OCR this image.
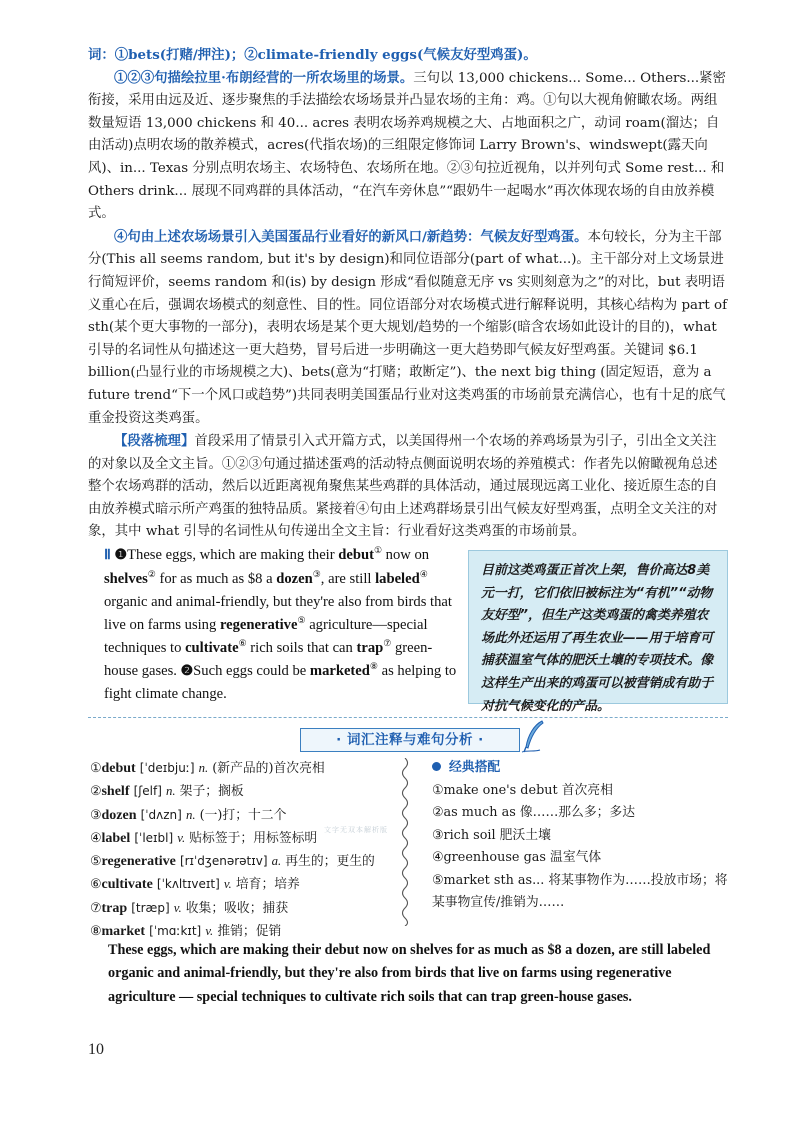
词：①bets(打赌/押注)；②climate-friendly eggs(气候友好型鸡蛋)。

①②③句描绘拉里·布朗经营的一所农场里的场景。三句以 13,000 chickens... Some... Others...紧密衔接，采用由远及近、逐步聚焦的手法描绘农场场景并凸显农场的主角：鸡。①句以大视角俯瞰农场。两组数量短语 13,000 chickens 和 40... acres 表明农场养鸡规模之大、占地面积之广，动词 roam(溜达；自由活动)点明农场的散养模式，acres(代指农场)的三组限定修饰词 Larry Brown's、windswept(露天向风)、in... Texas 分别点明农场主、农场特色、农场所在地。②③句拉近视角，以并列句式 Some rest... 和 Others drink... 展现不同鸡群的具体活动，“在汽车旁休息”“跟奶牛一起喝水”再次体现农场的自由放养模式。

④句由上述农场场景引入美国蛋品行业看好的新风口/新趋势：气候友好型鸡蛋。本句较长，分为主干部分(This all seems random, but it's by design)和同位语部分(part of what...)。主干部分对上文场景进行简短评价，seems random 和(is) by design 形成“看似随意无序 vs 实则刻意为之”的对比，but 表明语义重心在后，强调农场模式的刻意性、目的性。同位语部分对农场模式进行解释说明，其核心结构为 part of sth(某个更大事物的一部分)，表明农场是某个更大规划/趋势的一个缩影(暗含农场如此设计的目的)，what 引导的名词性从句描述这一更大趋势，冒号后进一步明确这一更大趋势即气候友好型鸡蛋。关键词 $6.1 billion(凸显行业的市场规模之大)、bets(意为“打赌；敢断定”)、the next big thing (固定短语，意为 a future trend“下一个风口或趋势”)共同表明美国蛋品行业对这类鸡蛋的市场前景充满信心，也有十足的底气重金投资这类鸡蛋。

【段落梳理】首段采用了情景引入式开篇方式，以美国得州一个农场的养鸡场景为引子，引出全文关注的对象以及全文主旨。①②③句通过描述蛋鸡的活动特点侧面说明农场的养殖模式：作者先以俯瞰视角总述整个农场鸡群的活动，然后以近距离视角聚焦某些鸡群的具体活动，通过展现远离工业化、接近原生态的自由放养模式暗示所产鸡蛋的独特品质。紧接着④句由上述鸡群场景引出气候友好型鸡蛋，点明全文关注的对象，其中 what 引导的名词性从句传递出全文主旨：行业看好这类鸡蛋的市场前景。

Ⅱ ❶These eggs, which are making their debut① now on shelves② for as much as $8 a dozen③, are still labeled④ organic and animal-friendly, but they're also from birds that live on farms using regenerative⑤ agriculture—special techniques to cultivate⑥ rich soils that can trap⑦ green-house gases. ❷Such eggs could be marketed⑧ as helping to fight climate change.
目前这类鸡蛋正首次上架，售价高达8美元一打，它们依旧被标注为“有机”“动物友好型”，但生产这类鸡蛋的禽类养殖农场此外还运用了再生农业——用于培育可捕获温室气体的肥沃土壤的专项技术。像这样生产出来的鸡蛋可以被营销成有助于对抗气候变化的产品。
· 词汇注释与难句分析 ·
①debut [ˈdeɪbjuː] n. (新产品的)首次亮相
②shelf [ʃelf] n. 架子；搁板
③dozen [ˈdʌzn] n. (一)打；十二个
④label [ˈleɪbl] v. 贴标签于；用标签标明
⑤regenerative [rɪˈdʒenərətɪv] a. 再生的；更生的
⑥cultivate [ˈkʌltɪveɪt] v. 培育；培养
⑦trap [træp] v. 收集；吸收；捕获
⑧market [ˈmɑːkɪt] v. 推销；促销
文字无双本解析版
经典搭配
①make one's debut 首次亮相
②as much as 像……那么多；多达
③rich soil 肥沃土壤
④greenhouse gas 温室气体
⑤market sth as... 将某事物作为……投放市场；将某事物宣传/推销为……
These eggs, which are making their debut now on shelves for as much as $8 a dozen, are still labeled organic and animal-friendly, but they're also from birds that live on farms using regenerative agriculture — special techniques to cultivate rich soils that can trap green-house gases.
10
